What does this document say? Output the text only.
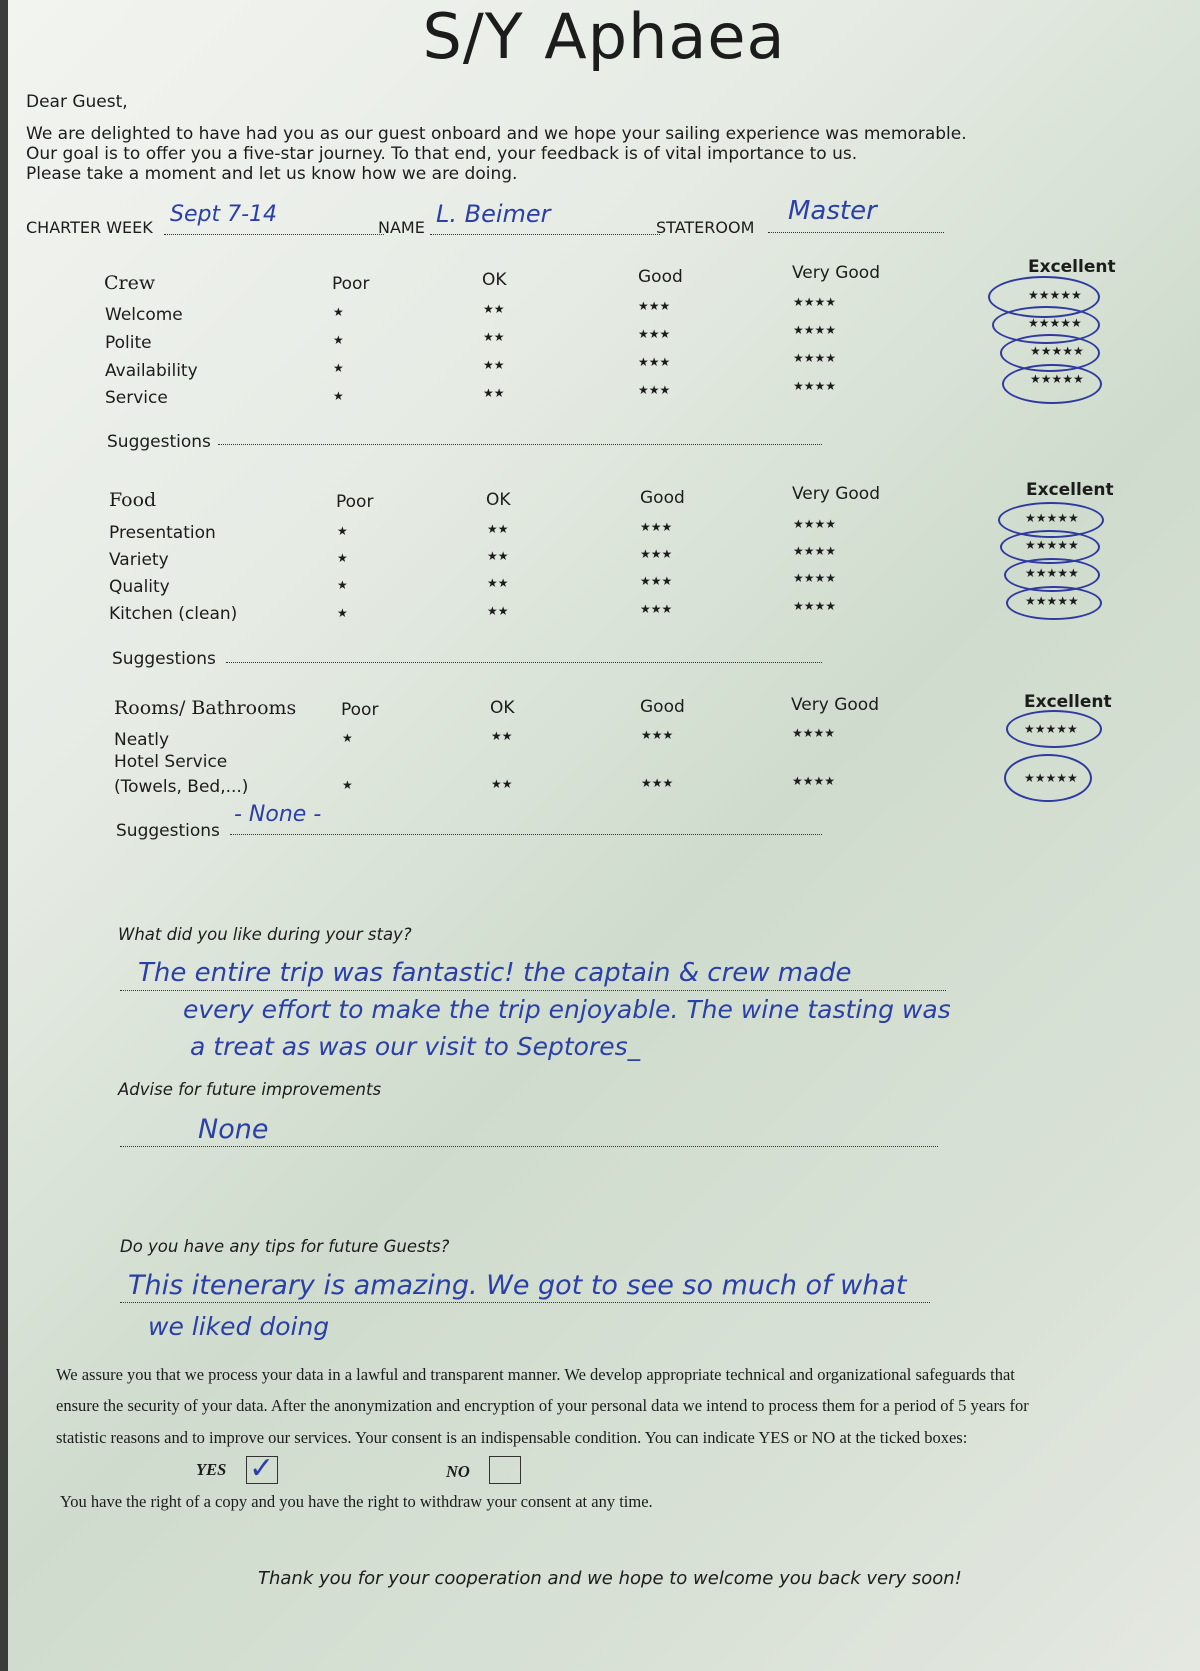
S/Y Aphaea
Dear Guest,
We are delighted to have had you as our guest onboard and we hope your sailing experience was memorable.
Our goal is to offer you a five-star journey. To that end, your feedback is of vital importance to us.
Please take a moment and let us know how we are doing.
CHARTER WEEK
Sept 7-14
NAME L. Beimer	STATEROOM
Master
Crew	Poor	OK	Good	Very Good	Excellent
Welcome	★	★★	★★★	★★★★	★★★★★
Polite	★	★★	★★★	★★★★	★★★★★
Availability	★	★★	★★★	★★★★	★★★★★
Service	★	★★	★★★	★★★★	★★★★★
Suggestions
Food	Poor	OK	Good	Very Good	Excellent
Presentation	★	★★	★★★	★★★★	★★★★★
Variety	★	★★	★★★	★★★★	★★★★★
Quality	★	★★	★★★	★★★★	★★★★★
Kitchen (clean)	★	★★	★★★	★★★★	★★★★★
Suggestions
Rooms/ Bathrooms	Poor	OK	Good	Very Good	Excellent
Neatly	★	★★	★★★	★★★★	★★★★★
Hotel Service
(Towels, Bed,...)	★	★★	★★★	★★★★	★★★★★
Suggestions
- None -
What did you like during your stay?
The entire trip was fantastic! the captain & crew made
every effort to make the trip enjoyable. The wine tasting was
a treat as was our visit to Septores_
Advise for future improvements
None
Do you have any tips for future Guests?
This itenerary is amazing. We got to see so much of what
we liked doing
We assure you that we process your data in a lawful and transparent manner. We develop appropriate technical and organizational safeguards that
ensure the security of your data. After the anonymization and encryption of your personal data we intend to process them for a period of 5 years for
statistic reasons and to improve our services. Your consent is an indispensable condition. You can indicate YES or NO at the ticked boxes:
YES ✓	NO
You have the right of a copy and you have the right to withdraw your consent at any time.
Thank you for your cooperation and we hope to welcome you back very soon!
